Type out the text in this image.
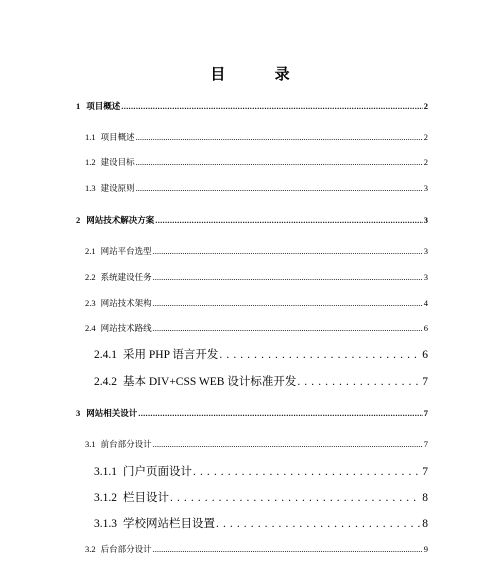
目 录
1 项目概述 .....	2
1.1 项目概述 .....	2
1.2 建设目标 .....	2
1.3 建设原则 .....	3
2 网站技术解决方案 .....	3
2.1 网站平台选型 .....	3
2.2 系统建设任务 .....	3
2.3 网站技术架构 .....	4
2.4 网站技术路线 .....	6
2.4.1 采用 PHP 语言开发 . . .	6
2.4.2 基本 DIV+CSS WEB 设计标准开发 . . .	7
3 网站相关设计 .....	7
3.1 前台部分设计 .....	7
3.1.1 门户页面设计 . . .	7
3.1.2 栏目设计 . . .	8
3.1.3 学校网站栏目设置 . . .	8
3.2 后台部分设计 .....	9
